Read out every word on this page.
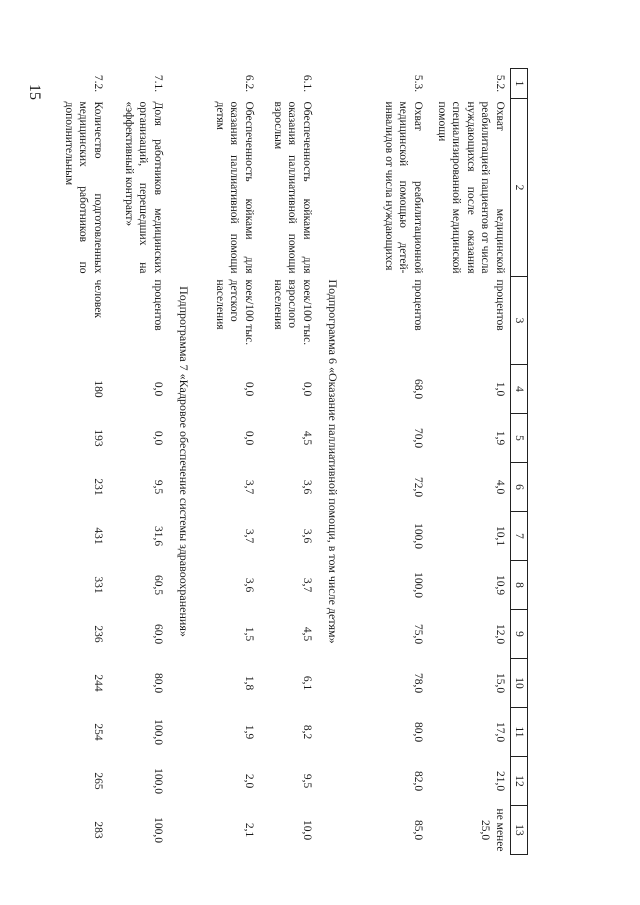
15
1	2	3	4	5	6	7	8	9	10	11	12	13
5.2.	Охват медицинской реабилитацией пациентов от числа нуждающихся после оказания специализированной медицинской помощи	процентов	1,0	1,9	4,0	10,1	10,9	12,0	15,0	17,0	21,0	не менее 25,0
5.3.	Охват реабилитационной медицинской помощью детей-инвалидов от числа нуждающихся	процентов	68,0	70,0	72,0	100,0	100,0	75,0	78,0	80,0	82,0	85,0
Подпрограмма 6 «Оказание паллиативной помощи, в том числе детям»												
6.1.	Обеспеченность койками для оказания паллиативной помощи взрослым	коек/100 тыс. взрослого населения	0,0	4,5	3,6	3,6	3,7	4,5	6,1	8,2	9,5	10,0
6.2.	Обеспеченность койками для оказания паллиативной помощи детям	коек/100 тыс. детского населения	0,0	0,0	3,7	3,7	3,6	1,5	1,8	1,9	2,0	2,1
Подпрограмма 7 «Кадровое обеспечение системы здравоохранения»												
7.1.	Доля работников медицинских организаций, перешедших на «эффективный контракт»	процентов	0,0	0,0	9,5	31,6	60,5	60,0	80,0	100,0	100,0	100,0
7.2.	Количество подготовленных медицинских работников по дополнительным	человек	180	193	231	431	331	236	244	254	265	283
